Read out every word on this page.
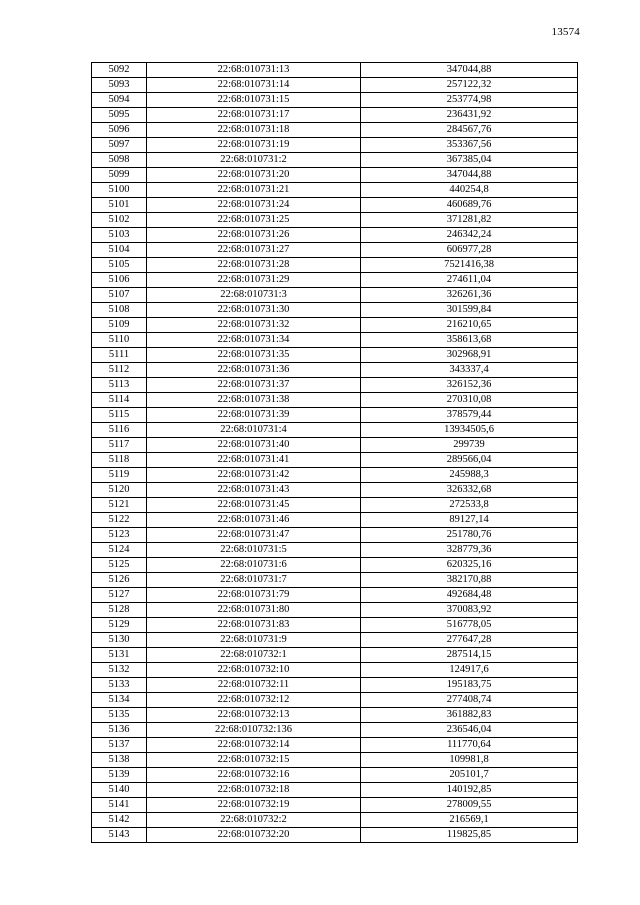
13574
5092	22:68:010731:13	347044,88
5093	22:68:010731:14	257122,32
5094	22:68:010731:15	253774,98
5095	22:68:010731:17	236431,92
5096	22:68:010731:18	284567,76
5097	22:68:010731:19	353367,56
5098	22:68:010731:2	367385,04
5099	22:68:010731:20	347044,88
5100	22:68:010731:21	440254,8
5101	22:68:010731:24	460689,76
5102	22:68:010731:25	371281,82
5103	22:68:010731:26	246342,24
5104	22:68:010731:27	606977,28
5105	22:68:010731:28	7521416,38
5106	22:68:010731:29	274611,04
5107	22:68:010731:3	326261,36
5108	22:68:010731:30	301599,84
5109	22:68:010731:32	216210,65
5110	22:68:010731:34	358613,68
5111	22:68:010731:35	302968,91
5112	22:68:010731:36	343337,4
5113	22:68:010731:37	326152,36
5114	22:68:010731:38	270310,08
5115	22:68:010731:39	378579,44
5116	22:68:010731:4	13934505,6
5117	22:68:010731:40	299739
5118	22:68:010731:41	289566,04
5119	22:68:010731:42	245988,3
5120	22:68:010731:43	326332,68
5121	22:68:010731:45	272533,8
5122	22:68:010731:46	89127,14
5123	22:68:010731:47	251780,76
5124	22:68:010731:5	328779,36
5125	22:68:010731:6	620325,16
5126	22:68:010731:7	382170,88
5127	22:68:010731:79	492684,48
5128	22:68:010731:80	370083,92
5129	22:68:010731:83	516778,05
5130	22:68:010731:9	277647,28
5131	22:68:010732:1	287514,15
5132	22:68:010732:10	124917,6
5133	22:68:010732:11	195183,75
5134	22:68:010732:12	277408,74
5135	22:68:010732:13	361882,83
5136	22:68:010732:136	236546,04
5137	22:68:010732:14	111770,64
5138	22:68:010732:15	109981,8
5139	22:68:010732:16	205101,7
5140	22:68:010732:18	140192,85
5141	22:68:010732:19	278009,55
5142	22:68:010732:2	216569,1
5143	22:68:010732:20	119825,85
